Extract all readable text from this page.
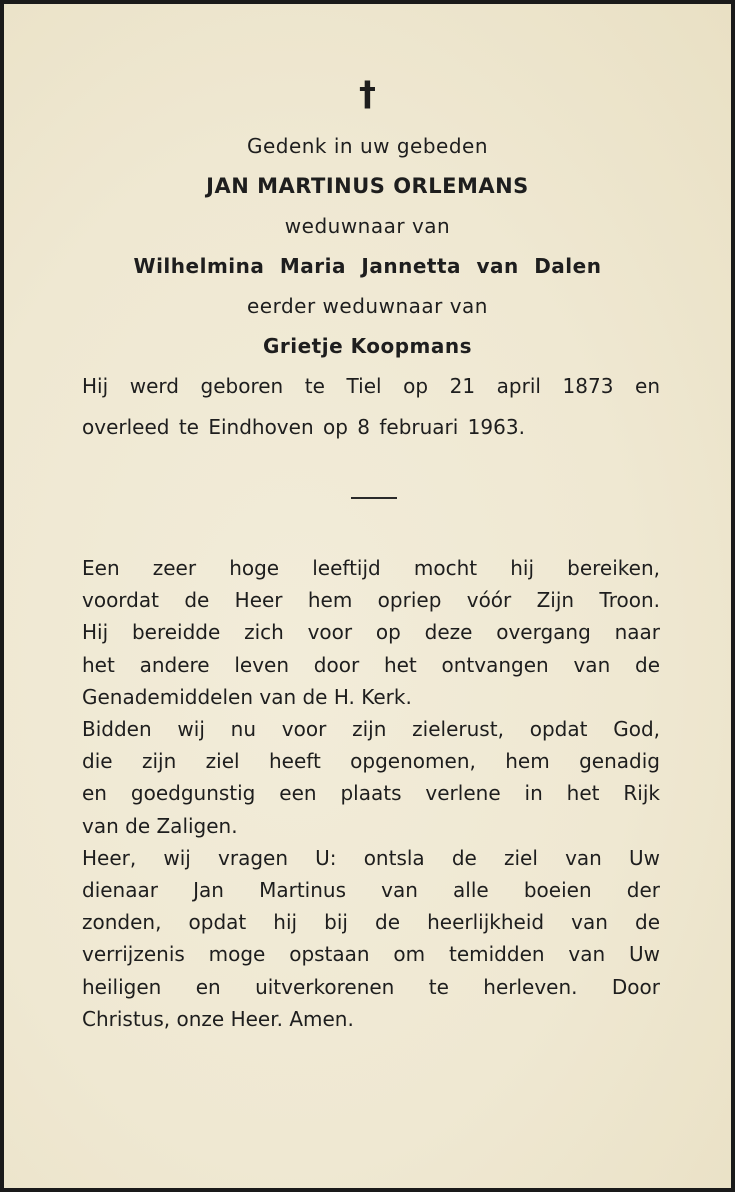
†
Gedenk in uw gebeden
JAN MARTINUS ORLEMANS
weduwnaar van
Wilhelmina Maria Jannetta van Dalen
eerder weduwnaar van
Grietje Koopmans
Hij werd geboren te Tiel op 21 april 1873 en
overleed te Eindhoven op 8 februari 1963.
Een zeer hoge leeftijd mocht hij bereiken,
voordat de Heer hem opriep vóór Zijn Troon.
Hij bereidde zich voor op deze overgang naar
het andere leven door het ontvangen van de
Genademiddelen van de H. Kerk.
Bidden wij nu voor zijn zielerust, opdat God,
die zijn ziel heeft opgenomen, hem genadig
en goedgunstig een plaats verlene in het Rijk
van de Zaligen.
Heer, wij vragen U: ontsla de ziel van Uw
dienaar Jan Martinus van alle boeien der
zonden, opdat hij bij de heerlijkheid van de
verrijzenis moge opstaan om temidden van Uw
heiligen en uitverkorenen te herleven. Door
Christus, onze Heer. Amen.
